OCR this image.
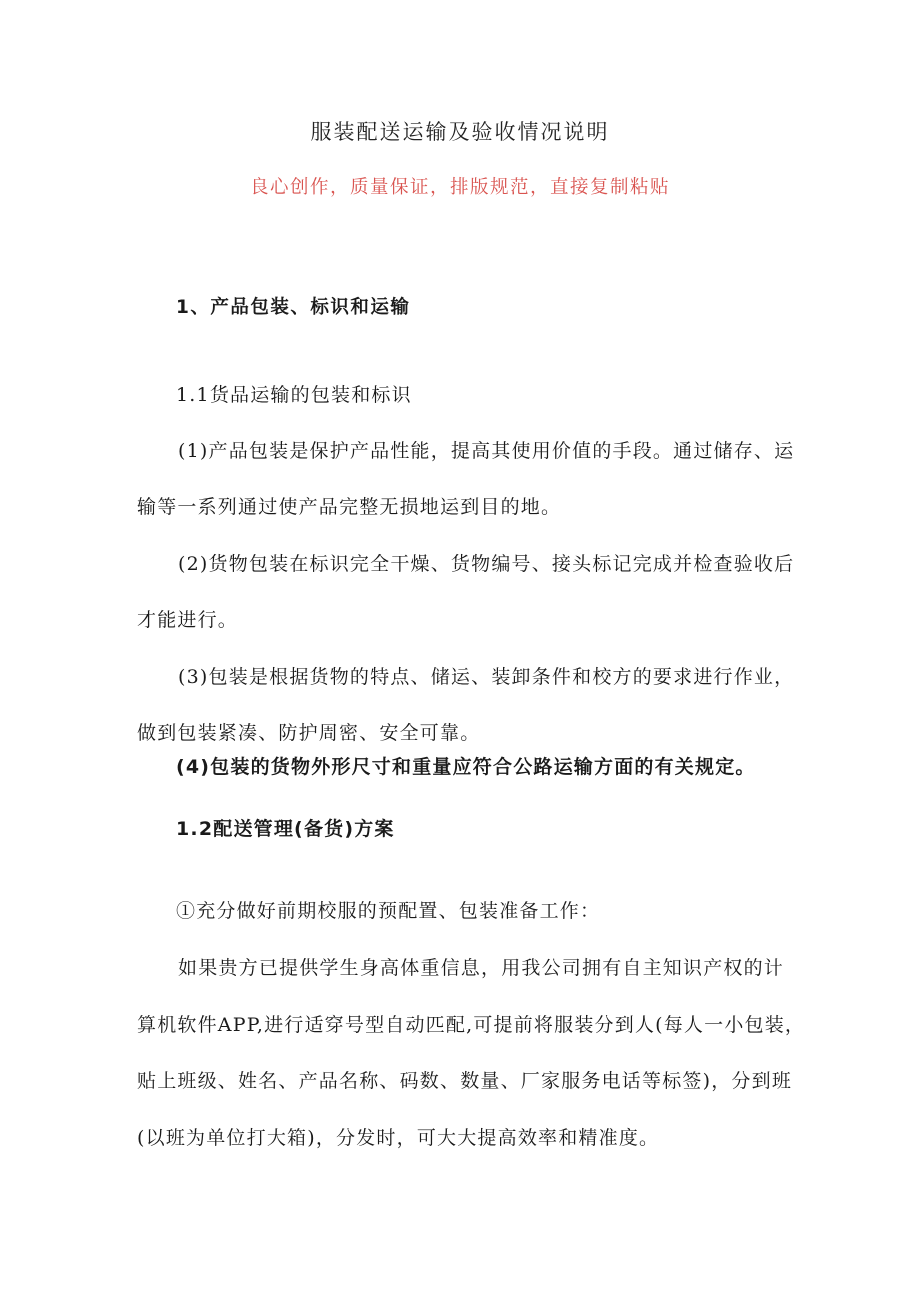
服装配送运输及验收情况说明

良心创作，质量保证，排版规范，直接复制粘贴

1、产品包装、标识和运输

1.1货品运输的包装和标识

(1)产品包装是保护产品性能，提高其使用价值的手段。通过储存、运

输等一系列通过使产品完整无损地运到目的地。

(2)货物包装在标识完全干燥、货物编号、接头标记完成并检查验收后

才能进行。

(3)包装是根据货物的特点、储运、装卸条件和校方的要求进行作业，

做到包装紧凑、防护周密、安全可靠。

(4)包装的货物外形尺寸和重量应符合公路运输方面的有关规定。

1.2配送管理(备货)方案

①充分做好前期校服的预配置、包装准备工作：

如果贵方已提供学生身高体重信息，用我公司拥有自主知识产权的计

算机软件APP,进行适穿号型自动匹配,可提前将服装分到人(每人一小包装，

贴上班级、姓名、产品名称、码数、数量、厂家服务电话等标签)，分到班

(以班为单位打大箱)，分发时，可大大提高效率和精准度。
